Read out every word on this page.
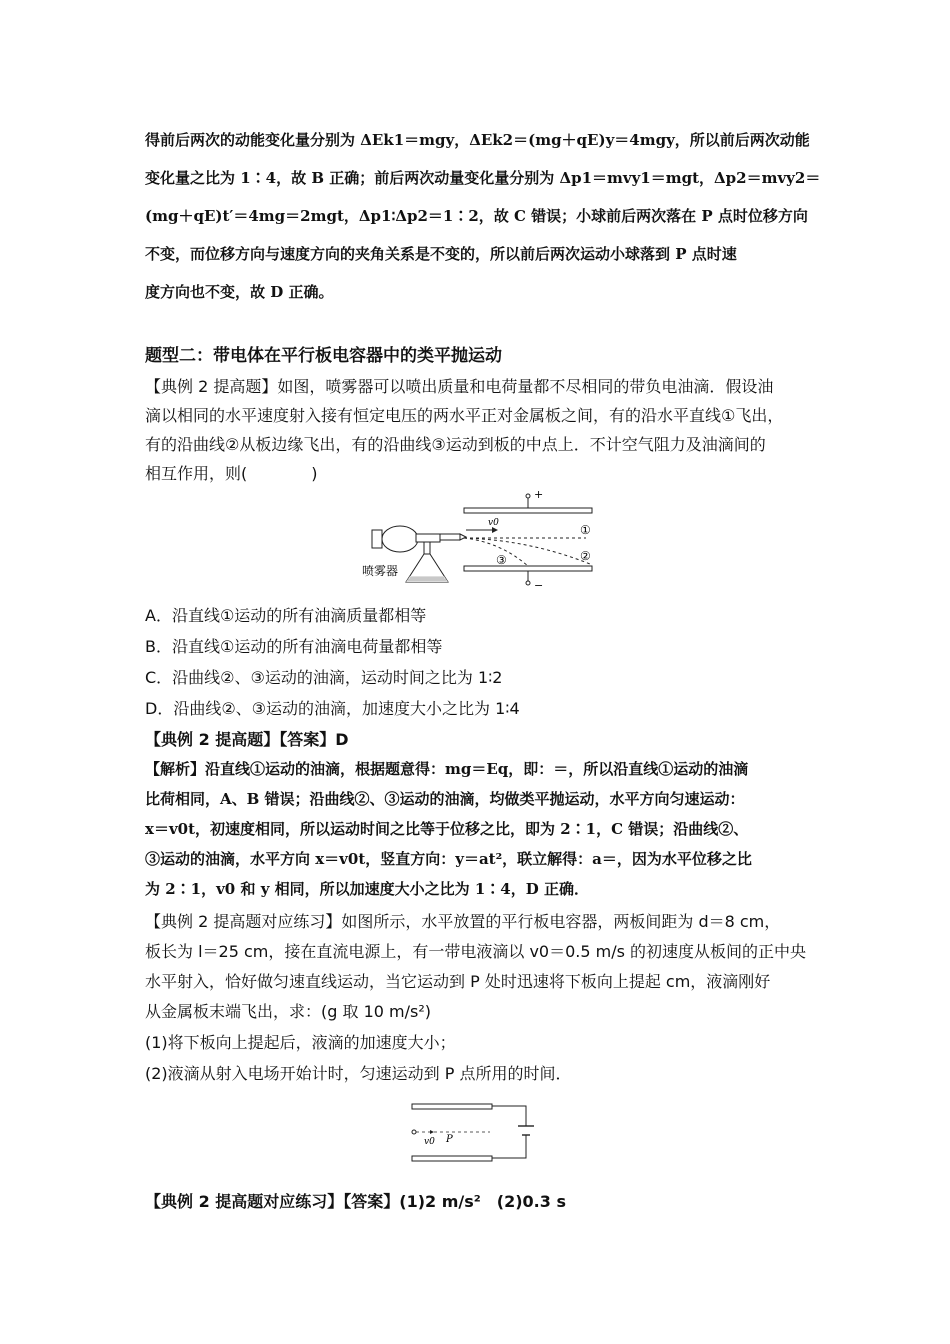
得前后两次的动能变化量分别为 ΔEk1＝mgy，ΔEk2＝(mg＋qE)y＝4mgy，所以前后两次动能
变化量之比为 1∶4，故 B 正确；前后两次动量变化量分别为 Δp1＝mvy1＝mgt，Δp2＝mvy2＝
(mg＋qE)t′＝4mg＝2mgt，Δp1∶Δp2＝1∶2，故 C 错误；小球前后两次落在 P 点时位移方向
不变，而位移方向与速度方向的夹角关系是不变的，所以前后两次运动小球落到 P 点时速
度方向也不变，故 D 正确。
题型二：带电体在平行板电容器中的类平抛运动
【典例 2 提高题】如图，喷雾器可以喷出质量和电荷量都不尽相同的带负电油滴．假设油
滴以相同的水平速度射入接有恒定电压的两水平正对金属板之间，有的沿水平直线①飞出，
有的沿曲线②从板边缘飞出，有的沿曲线③运动到板的中点上．不计空气阻力及油滴间的
相互作用，则(　　　　)
+
−
v0	①
②
③
喷雾器
A．沿直线①运动的所有油滴质量都相等
B．沿直线①运动的所有油滴电荷量都相等
C．沿曲线②、③运动的油滴，运动时间之比为 1∶2
D．沿曲线②、③运动的油滴，加速度大小之比为 1∶4
【典例 2 提高题】【答案】D
【解析】沿直线①运动的油滴，根据题意得：mg＝Eq，即：＝，所以沿直线①运动的油滴
比荷相同，A、B 错误；沿曲线②、③运动的油滴，均做类平抛运动，水平方向匀速运动：
x＝v0t，初速度相同，所以运动时间之比等于位移之比，即为 2∶1，C 错误；沿曲线②、
③运动的油滴，水平方向 x＝v0t，竖直方向：y＝at²，联立解得：a＝，因为水平位移之比
为 2∶1，v0 和 y 相同，所以加速度大小之比为 1∶4，D 正确．
【典例 2 提高题对应练习】如图所示，水平放置的平行板电容器，两板间距为 d＝8 cm，
板长为 l＝25 cm，接在直流电源上，有一带电液滴以 v0＝0.5 m/s 的初速度从板间的正中央
水平射入，恰好做匀速直线运动，当它运动到 P 处时迅速将下板向上提起 cm，液滴刚好
从金属板末端飞出，求：(g 取 10 m/s²)
(1)将下板向上提起后，液滴的加速度大小；
(2)液滴从射入电场开始计时，匀速运动到 P 点所用的时间．
v0 P
【典例 2 提高题对应练习】【答案】(1)2 m/s²　(2)0.3 s
